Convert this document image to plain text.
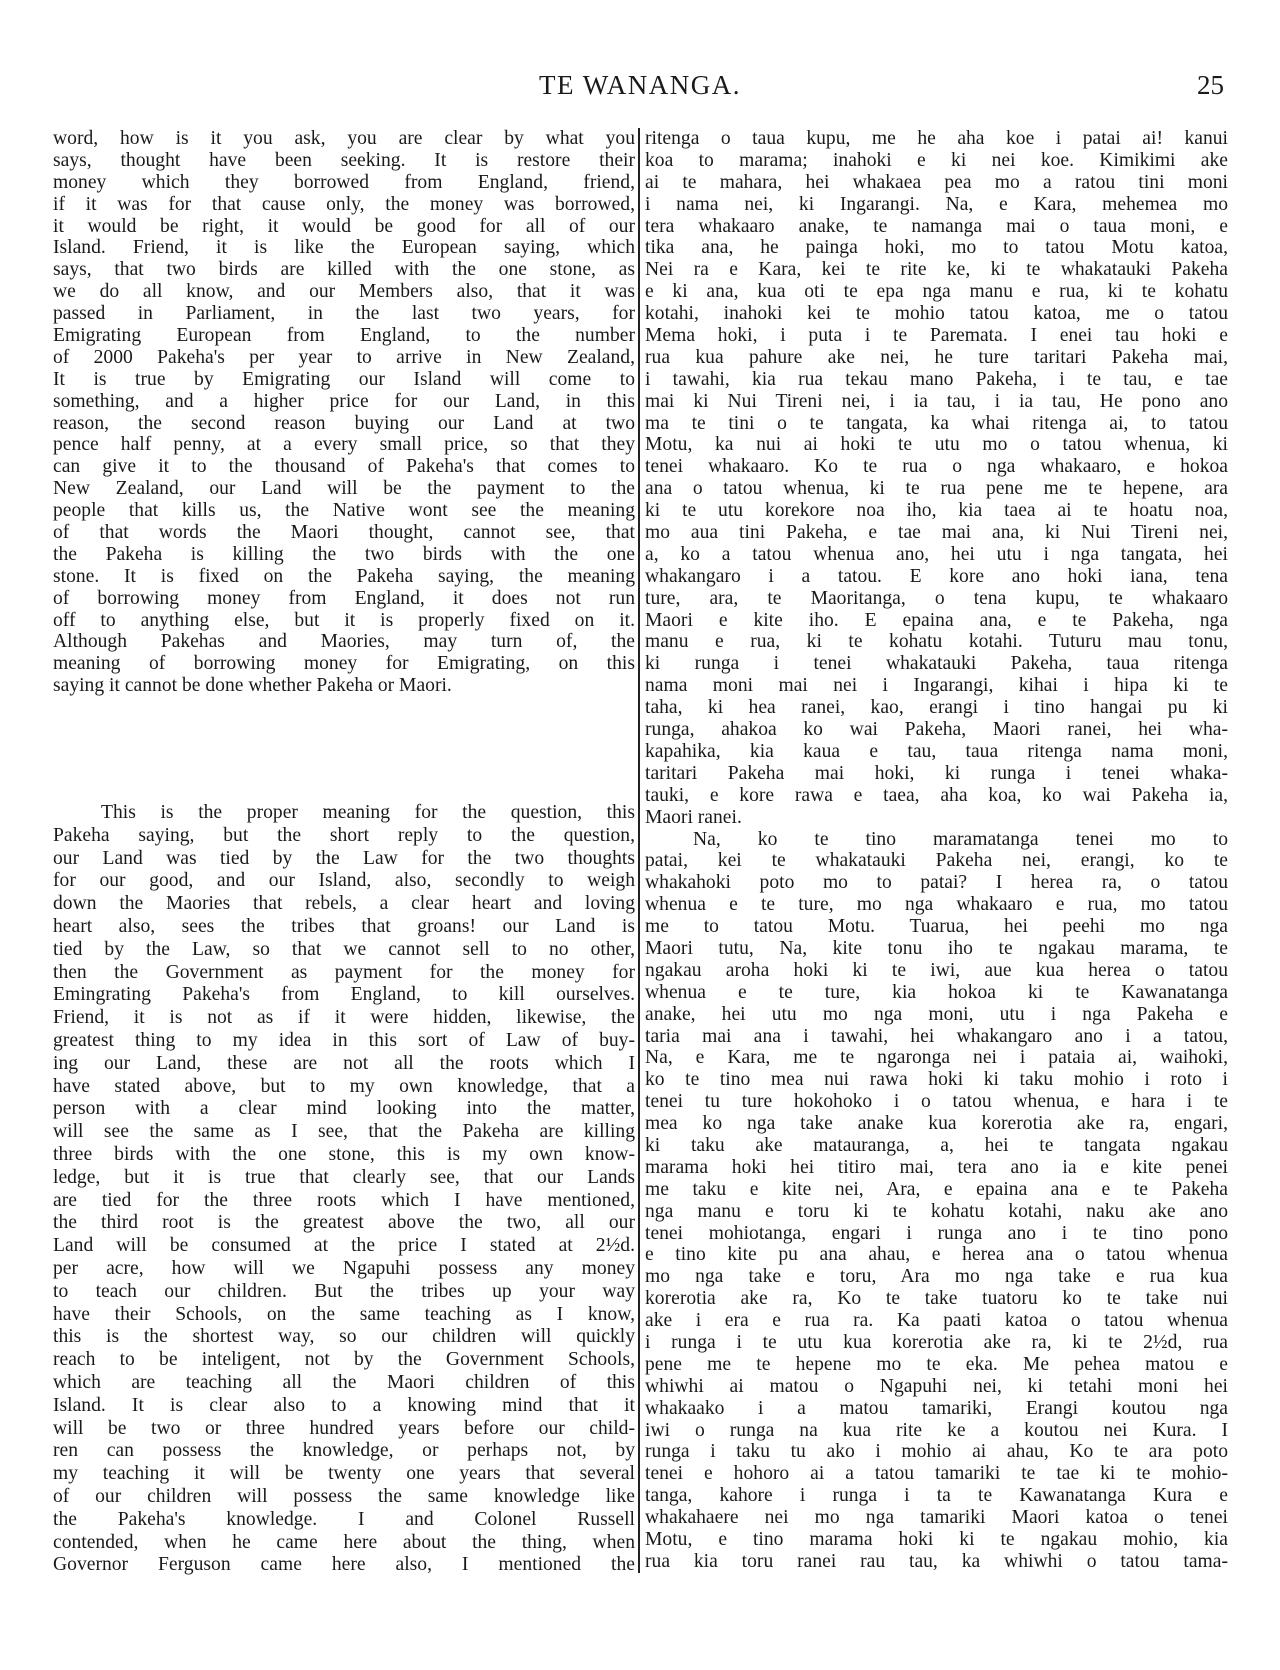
TE WANANGA.	25
word, how is it you ask, you are clear by what you
says, thought have been seeking. It is restore their
money which they borrowed from England, friend,
if it was for that cause only, the money was borrowed,
it would be right, it would be good for all of our
Island. Friend, it is like the European saying, which
says, that two birds are killed with the one stone, as
we do all know, and our Members also, that it was
passed in Parliament, in the last two years, for
Emigrating European from England, to the number
of 2000 Pakeha's per year to arrive in New Zealand,
It is true by Emigrating our Island will come to
something, and a higher price for our Land, in this
reason, the second reason buying our Land at two
pence half penny, at a every small price, so that they
can give it to the thousand of Pakeha's that comes to
New Zealand, our Land will be the payment to the
people that kills us, the Native wont see the meaning
of that words the Maori thought, cannot see, that
the Pakeha is killing the two birds with the one
stone. It is fixed on the Pakeha saying, the meaning
of borrowing money from England, it does not run
off to anything else, but it is properly fixed on it.
Although Pakehas and Maories, may turn of, the
meaning of borrowing money for Emigrating, on this
saying it cannot be done whether Pakeha or Maori.
This is the proper meaning for the question, this
Pakeha saying, but the short reply to the question,
our Land was tied by the Law for the two thoughts
for our good, and our Island, also, secondly to weigh
down the Maories that rebels, a clear heart and loving
heart also, sees the tribes that groans! our Land is
tied by the Law, so that we cannot sell to no other,
then the Government as payment for the money for
Emingrating Pakeha's from England, to kill ourselves.
Friend, it is not as if it were hidden, likewise, the
greatest thing to my idea in this sort of Law of buy-
ing our Land, these are not all the roots which I
have stated above, but to my own knowledge, that a
person with a clear mind looking into the matter,
will see the same as I see, that the Pakeha are killing
three birds with the one stone, this is my own know-
ledge, but it is true that clearly see, that our Lands
are tied for the three roots which I have mentioned,
the third root is the greatest above the two, all our
Land will be consumed at the price I stated at 2½d.
per acre, how will we Ngapuhi possess any money
to teach our children. But the tribes up your way
have their Schools, on the same teaching as I know,
this is the shortest way, so our children will quickly
reach to be inteligent, not by the Government Schools,
which are teaching all the Maori children of this
Island. It is clear also to a knowing mind that it
will be two or three hundred years before our child-
ren can possess the knowledge, or perhaps not, by
my teaching it will be twenty one years that several
of our children will possess the same knowledge like
the Pakeha's knowledge. I and Colonel Russell
contended, when he came here about the thing, when
Governor Ferguson came here also, I mentioned the
ritenga o taua kupu, me he aha koe i patai ai! kanui
koa to marama; inahoki e ki nei koe. Kimikimi ake
ai te mahara, hei whakaea pea mo a ratou tini moni
i nama nei, ki Ingarangi. Na, e Kara, mehemea mo
tera whakaaro anake, te namanga mai o taua moni, e
tika ana, he painga hoki, mo to tatou Motu katoa,
Nei ra e Kara, kei te rite ke, ki te whakatauki Pakeha
e ki ana, kua oti te epa nga manu e rua, ki te kohatu
kotahi, inahoki kei te mohio tatou katoa, me o tatou
Mema hoki, i puta i te Paremata. I enei tau hoki e
rua kua pahure ake nei, he ture taritari Pakeha mai,
i tawahi, kia rua tekau mano Pakeha, i te tau, e tae
mai ki Nui Tireni nei, i ia tau, i ia tau, He pono ano
ma te tini o te tangata, ka whai ritenga ai, to tatou
Motu, ka nui ai hoki te utu mo o tatou whenua, ki
tenei whakaaro. Ko te rua o nga whakaaro, e hokoa
ana o tatou whenua, ki te rua pene me te hepene, ara
ki te utu korekore noa iho, kia taea ai te hoatu noa,
mo aua tini Pakeha, e tae mai ana, ki Nui Tireni nei,
a, ko a tatou whenua ano, hei utu i nga tangata, hei
whakangaro i a tatou. E kore ano hoki iana, tena
ture, ara, te Maoritanga, o tena kupu, te whakaaro
Maori e kite iho. E epaina ana, e te Pakeha, nga
manu e rua, ki te kohatu kotahi. Tuturu mau tonu,
ki runga i tenei whakatauki Pakeha, taua ritenga
nama moni mai nei i Ingarangi, kihai i hipa ki te
taha, ki hea ranei, kao, erangi i tino hangai pu ki
runga, ahakoa ko wai Pakeha, Maori ranei, hei wha-
kapahika, kia kaua e tau, taua ritenga nama moni,
taritari Pakeha mai hoki, ki runga i tenei whaka-
tauki, e kore rawa e taea, aha koa, ko wai Pakeha ia,
Maori ranei.
Na, ko te tino maramatanga tenei mo to
patai, kei te whakatauki Pakeha nei, erangi, ko te
whakahoki poto mo to patai? I herea ra, o tatou
whenua e te ture, mo nga whakaaro e rua, mo tatou
me to tatou Motu. Tuarua, hei peehi mo nga
Maori tutu, Na, kite tonu iho te ngakau marama, te
ngakau aroha hoki ki te iwi, aue kua herea o tatou
whenua e te ture, kia hokoa ki te Kawanatanga
anake, hei utu mo nga moni, utu i nga Pakeha e
taria mai ana i tawahi, hei whakangaro ano i a tatou,
Na, e Kara, me te ngaronga nei i pataia ai, waihoki,
ko te tino mea nui rawa hoki ki taku mohio i roto i
tenei tu ture hokohoko i o tatou whenua, e hara i te
mea ko nga take anake kua korerotia ake ra, engari,
ki taku ake matauranga, a, hei te tangata ngakau
marama hoki hei titiro mai, tera ano ia e kite penei
me taku e kite nei, Ara, e epaina ana e te Pakeha
nga manu e toru ki te kohatu kotahi, naku ake ano
tenei mohiotanga, engari i runga ano i te tino pono
e tino kite pu ana ahau, e herea ana o tatou whenua
mo nga take e toru, Ara mo nga take e rua kua
korerotia ake ra, Ko te take tuatoru ko te take nui
ake i era e rua ra. Ka paati katoa o tatou whenua
i runga i te utu kua korerotia ake ra, ki te 2½d, rua
pene me te hepene mo te eka. Me pehea matou e
whiwhi ai matou o Ngapuhi nei, ki tetahi moni hei
whakaako i a matou tamariki, Erangi koutou nga
iwi o runga na kua rite ke a koutou nei Kura. I
runga i taku tu ako i mohio ai ahau, Ko te ara poto
tenei e hohoro ai a tatou tamariki te tae ki te mohio-
tanga, kahore i runga i ta te Kawanatanga Kura e
whakahaere nei mo nga tamariki Maori katoa o tenei
Motu, e tino marama hoki ki te ngakau mohio, kia
rua kia toru ranei rau tau, ka whiwhi o tatou tama-
